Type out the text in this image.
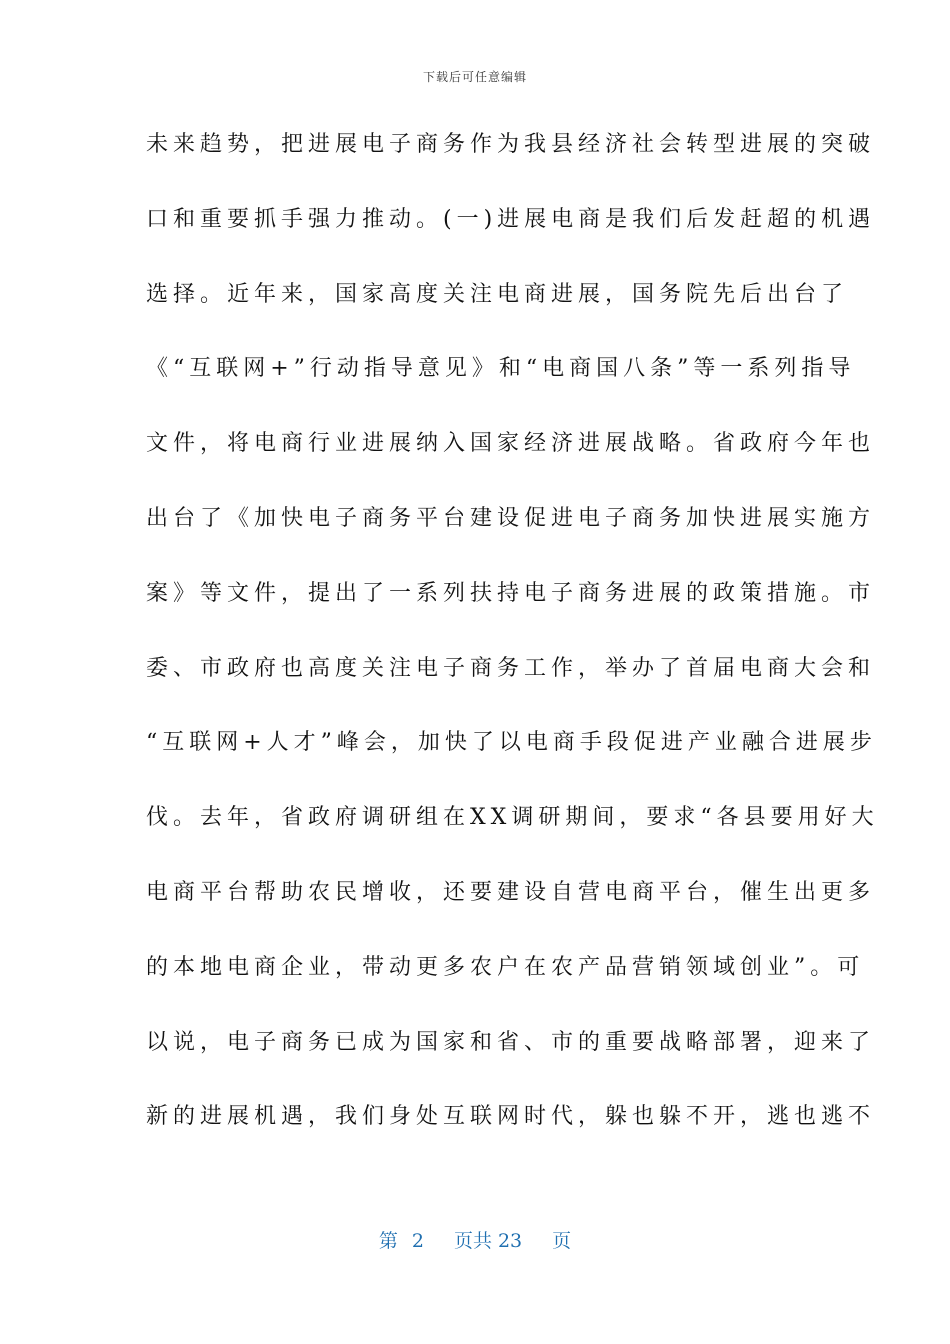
下载后可任意编辑
未来趋势，把进展电子商务作为我县经济社会转型进展的突破
口和重要抓手强力推动。(一)进展电商是我们后发赶超的机遇
选择。近年来，国家高度关注电商进展，国务院先后出台了
《“互联网+”行动指导意见》和“电商国八条”等一系列指导
文件，将电商行业进展纳入国家经济进展战略。省政府今年也
出台了《加快电子商务平台建设促进电子商务加快进展实施方
案》等文件，提出了一系列扶持电子商务进展的政策措施。市
委、市政府也高度关注电子商务工作，举办了首届电商大会和
“互联网+人才”峰会，加快了以电商手段促进产业融合进展步
伐。去年，省政府调研组在XX调研期间，要求“各县要用好大
电商平台帮助农民增收，还要建设自营电商平台，催生出更多
的本地电商企业，带动更多农户在农产品营销领域创业”。可
以说，电子商务已成为国家和省、市的重要战略部署，迎来了
新的进展机遇，我们身处互联网时代，躲也躲不开，逃也逃不
第 2 页共 23 页
